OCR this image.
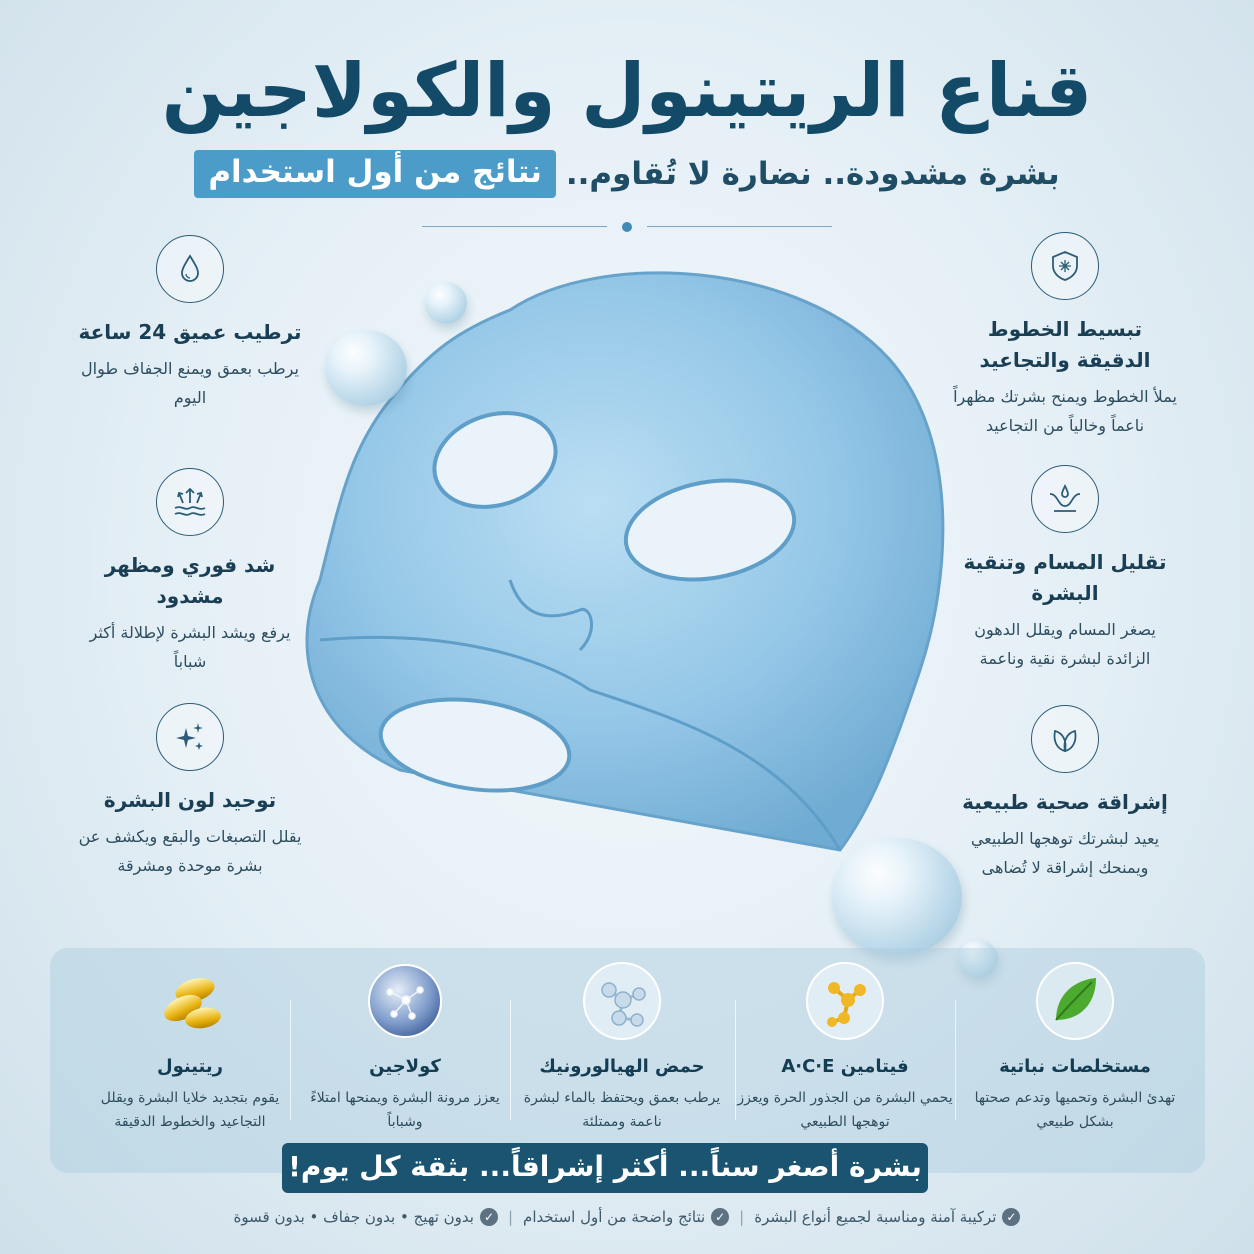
قناع الريتينول والكولاجين
بشرة مشدودة.. نضارة لا تُقاوم..
نتائج من أول استخدام
تبسيط الخطوط الدقيقة والتجاعيد
يملأ الخطوط ويمنح بشرتك مظهراً ناعماً وخالياً من التجاعيد
تقليل المسام وتنقية البشرة
يصغر المسام ويقلل الدهون الزائدة لبشرة نقية وناعمة
إشراقة صحية طبيعية
يعيد لبشرتك توهجها الطبيعي ويمنحك إشراقة لا تُضاهى
ترطيب عميق 24 ساعة
يرطب بعمق ويمنع الجفاف طوال اليوم
شد فوري ومظهر مشدود
يرفع ويشد البشرة لإطلالة أكثر شباباً
توحيد لون البشرة
يقلل التصبغات والبقع ويكشف عن بشرة موحدة ومشرقة
مستخلصات نباتية
تهدئ البشرة وتحميها وتدعم صحتها بشكل طبيعي
فيتامين A·C·E
يحمي البشرة من الجذور الحرة ويعزز توهجها الطبيعي
حمض الهيالورونيك
يرطب بعمق ويحتفظ بالماء لبشرة ناعمة وممتلئة
كولاجين
يعزز مرونة البشرة ويمنحها امتلاءً وشباباً
ريتينول
يقوم بتجديد خلايا البشرة ويقلل التجاعيد والخطوط الدقيقة
بشرة أصغر سناً... أكثر إشراقاً... بثقة كل يوم!
✓
تركيبة آمنة ومناسبة لجميع أنواع البشرة
|
✓
نتائج واضحة من أول استخدام
|
✓
بدون تهيج • بدون جفاف • بدون قسوة
